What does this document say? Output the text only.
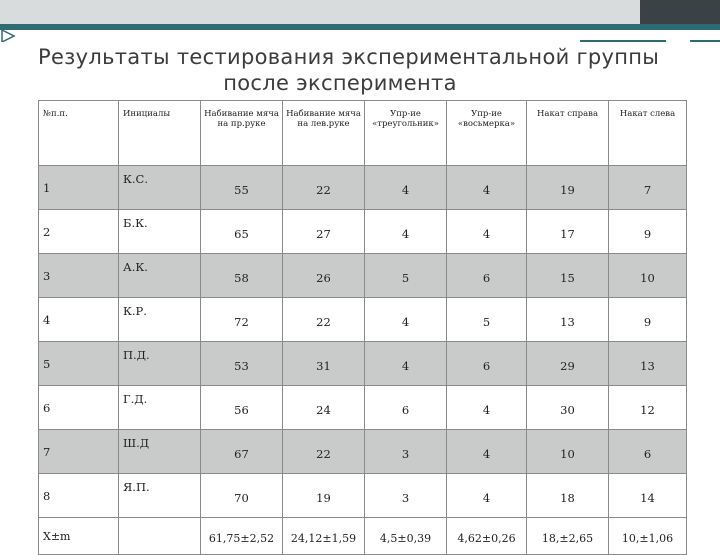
Результаты тестирования экспериментальной группы
после эксперимента
№п.п.	Инициалы	Набивание мяча на пр.руке	Набивание мяча на лев.руке	Упр-ие «треугольник»	Упр-ие «восьмерка»	Накат справа	Накат слева
1	К.С.	55	22	4	4	19	7
2	Б.К.	65	27	4	4	17	9
3	А.К.	58	26	5	6	15	10
4	К.Р.	72	22	4	5	13	9
5	П.Д.	53	31	4	6	29	13
6	Г.Д.	56	24	6	4	30	12
7	Ш.Д	67	22	3	4	10	6
8	Я.П.	70	19	3	4	18	14
X±m		61,75±2,52	24,12±1,59	4,5±0,39	4,62±0,26	18,±2,65	10,±1,06
